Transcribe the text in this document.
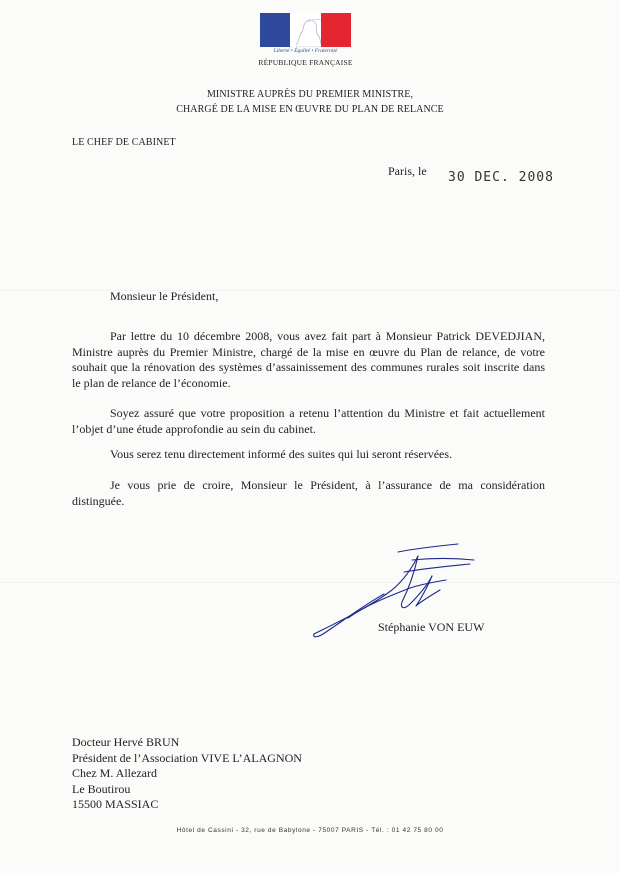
Liberté • Égalité • Fraternité
RÉPUBLIQUE FRANÇAISE
MINISTRE AUPRÈS DU PREMIER MINISTRE,
CHARGÉ DE LA MISE EN ŒUVRE DU PLAN DE RELANCE
LE CHEF DE CABINET
Paris, le 30 DEC. 2008
Monsieur le Président,
Par lettre du 10 décembre 2008, vous avez fait part à Monsieur Patrick DEVEDJIAN, Ministre auprès du Premier Ministre, chargé de la mise en œuvre du Plan de relance, de votre souhait que la rénovation des systèmes d’assainissement des communes rurales soit inscrite dans le plan de relance de l’économie.
Soyez assuré que votre proposition a retenu l’attention du Ministre et fait actuellement l’objet d’une étude approfondie au sein du cabinet.
Vous serez tenu directement informé des suites qui lui seront réservées.
Je vous prie de croire, Monsieur le Président, à l’assurance de ma considération distinguée.
Stéphanie VON EUW
Docteur Hervé BRUN
Président de l’Association VIVE L’ALAGNON
Chez M. Allezard
Le Boutirou
15500 MASSIAC
Hôtel de Cassini - 32, rue de Babylone - 75007 PARIS - Tél. : 01 42 75 80 00
